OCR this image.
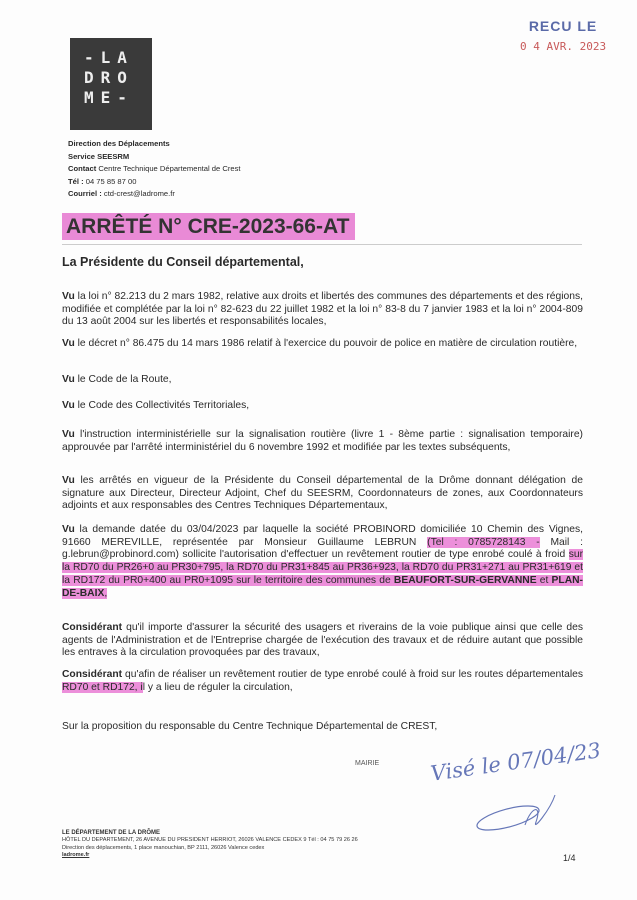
-LA
DRO
ME-
RECU LE
0 4 AVR. 2023
Direction des Déplacements
Service SEESRM
Contact Centre Technique Départemental de Crest
Tél : 04 75 85 87 00
Courriel : ctd-crest@ladrome.fr
ARRÊTÉ N° CRE-2023-66-AT
La Présidente du Conseil départemental,
Vu la loi n° 82.213 du 2 mars 1982, relative aux droits et libertés des communes des départements et des régions, modifiée et complétée par la loi n° 82-623 du 22 juillet 1982 et la loi n° 83-8 du 7 janvier 1983 et la loi n° 2004-809 du 13 août 2004 sur les libertés et responsabilités locales,
Vu le décret n° 86.475 du 14 mars 1986 relatif à l'exercice du pouvoir de police en matière de circulation routière,
Vu le Code de la Route,
Vu le Code des Collectivités Territoriales,
Vu l'instruction interministérielle sur la signalisation routière (livre 1 - 8ème partie : signalisation temporaire) approuvée par l'arrêté interministériel du 6 novembre 1992 et modifiée par les textes subséquents,
Vu les arrêtés en vigueur de la Présidente du Conseil départemental de la Drôme donnant délégation de signature aux Directeur, Directeur Adjoint, Chef du SEESRM, Coordonnateurs de zones, aux Coordonnateurs adjoints et aux responsables des Centres Techniques Départementaux,
Vu la demande datée du 03/04/2023 par laquelle la société PROBINORD domiciliée 10 Chemin des Vignes, 91660 MEREVILLE, représentée par Monsieur Guillaume LEBRUN (Tel : 0785728143 - Mail : g.lebrun@probinord.com) sollicite l'autorisation d'effectuer un revêtement routier de type enrobé coulé à froid sur la RD70 du PR26+0 au PR30+795, la RD70 du PR31+845 au PR36+923, la RD70 du PR31+271 au PR31+619 et la RD172 du PR0+400 au PR0+1095 sur le territoire des communes de BEAUFORT-SUR-GERVANNE et PLAN-DE-BAIX,
Considérant qu'il importe d'assurer la sécurité des usagers et riverains de la voie publique ainsi que celle des agents de l'Administration et de l'Entreprise chargée de l'exécution des travaux et de réduire autant que possible les entraves à la circulation provoquées par des travaux,
Considérant qu'afin de réaliser un revêtement routier de type enrobé coulé à froid sur les routes départementales RD70 et RD172, il y a lieu de réguler la circulation,
Sur la proposition du responsable du Centre Technique Départemental de CREST,
MAIRIE Visé le 07/04/23
LE DÉPARTEMENT DE LA DRÔME
HÔTEL DU DEPARTEMENT, 26 AVENUE DU PRESIDENT HERRIOT, 26026 VALENCE CEDEX 9 Tél : 04 75 79 26 26
Direction des déplacements, 1 place manouchian, BP 2111, 26026 Valence cedex
ladrome.fr	1/4
